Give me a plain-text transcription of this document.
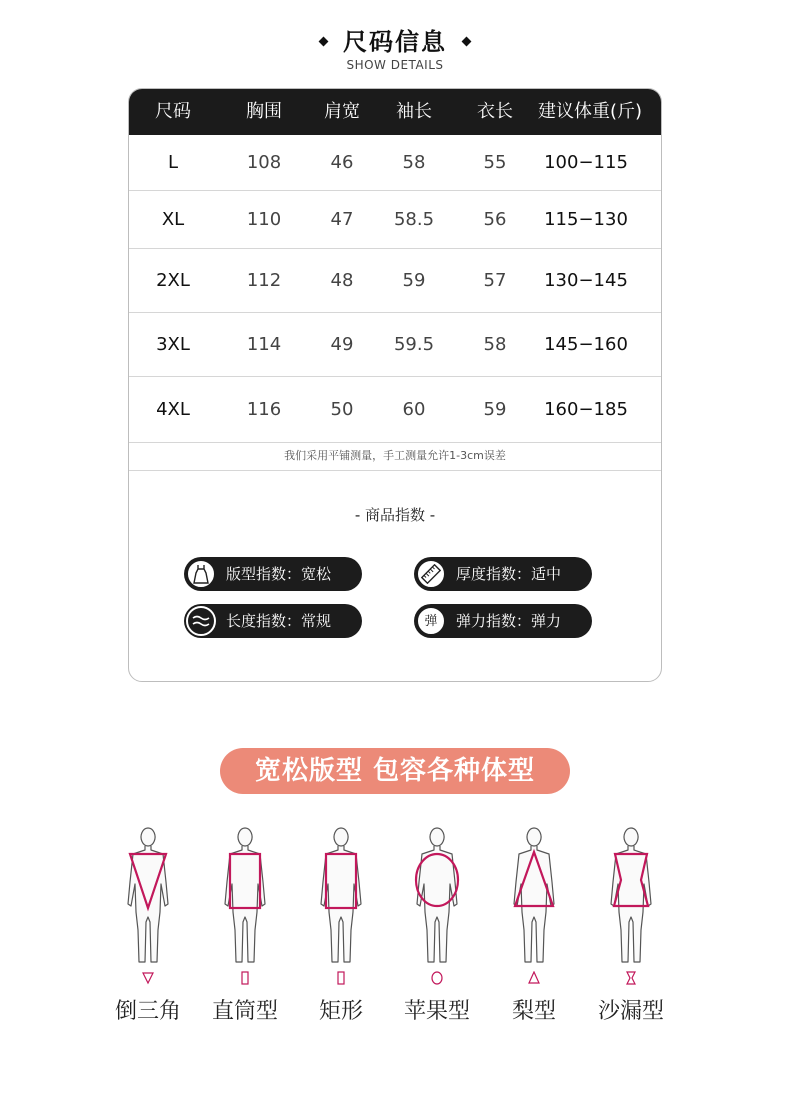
尺码信息
SHOW DETAILS
尺码	胸围 肩宽 袖长	衣长 建议体重(斤)
L	108	46	58	55 100−115
XL	110	47 58.5	56 115−130
2XL	112	48	59	57 130−145
3XL	114	49 59.5	58 145−160
4XL	116	50	60	59 160−185
我们采用平铺测量，手工测量允许1-3cm误差
- 商品指数 -
版型指数：宽松	厚度指数：适中
长度指数：常规	弹	弹力指数：弹力
宽松版型 包容各种体型
倒三角	直筒型	矩形	苹果型	梨型	沙漏型
